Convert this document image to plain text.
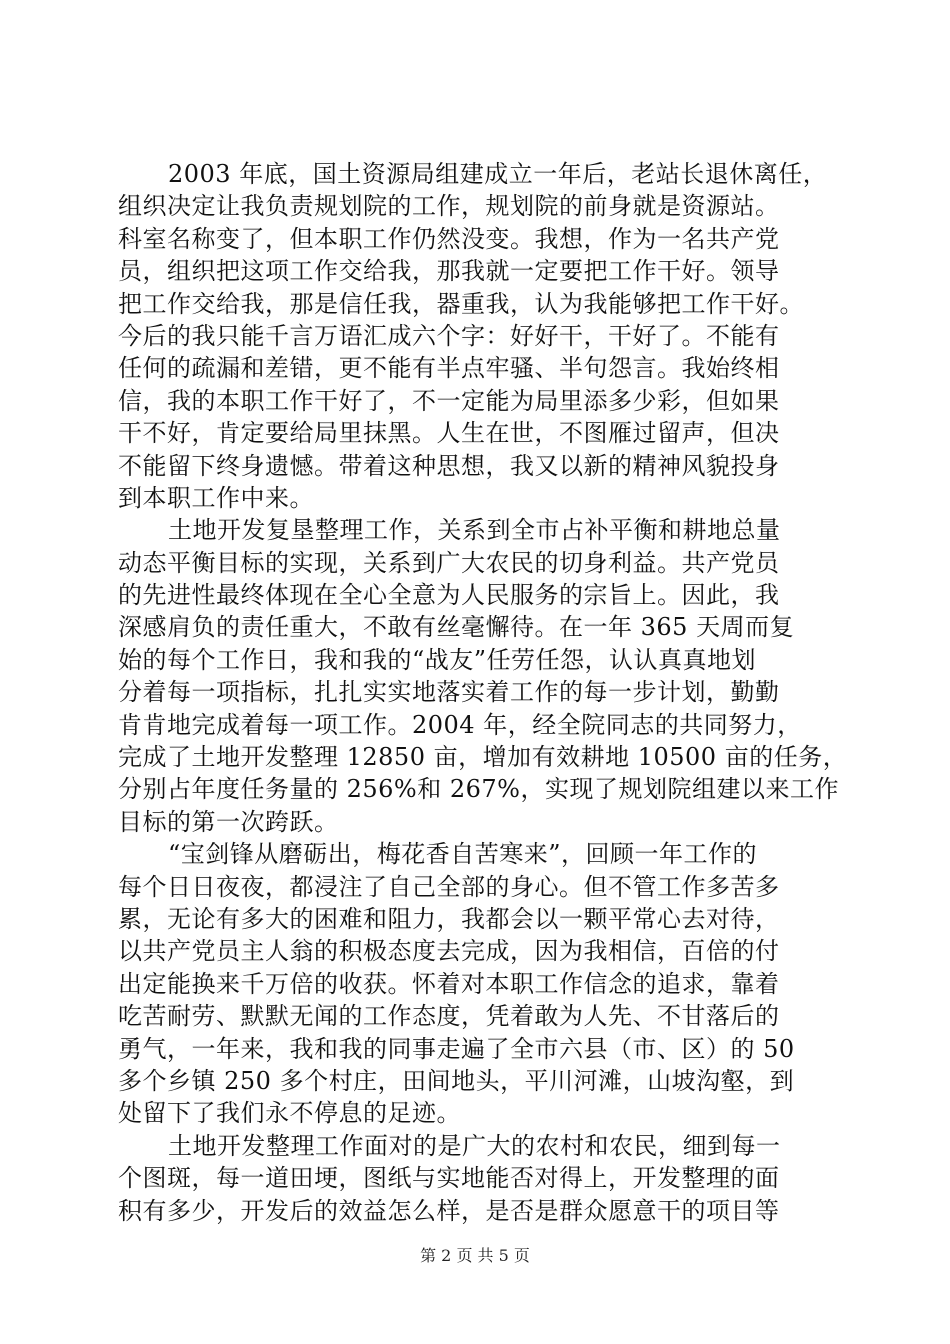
2003 年底，国土资源局组建成立一年后，老站长退休离任，
组织决定让我负责规划院的工作，规划院的前身就是资源站。
科室名称变了，但本职工作仍然没变。我想，作为一名共产党
员，组织把这项工作交给我，那我就一定要把工作干好。领导
把工作交给我，那是信任我，器重我，认为我能够把工作干好。
今后的我只能千言万语汇成六个字：好好干，干好了。不能有
任何的疏漏和差错，更不能有半点牢骚、半句怨言。我始终相
信，我的本职工作干好了，不一定能为局里添多少彩，但如果
干不好，肯定要给局里抹黑。人生在世，不图雁过留声，但决
不能留下终身遗憾。带着这种思想，我又以新的精神风貌投身
到本职工作中来。
土地开发复垦整理工作，关系到全市占补平衡和耕地总量
动态平衡目标的实现，关系到广大农民的切身利益。共产党员
的先进性最终体现在全心全意为人民服务的宗旨上。因此，我
深感肩负的责任重大，不敢有丝毫懈待。在一年 365 天周而复
始的每个工作日，我和我的“战友”任劳任怨，认认真真地划
分着每一项指标，扎扎实实地落实着工作的每一步计划，勤勤
肯肯地完成着每一项工作。2004 年，经全院同志的共同努力，
完成了土地开发整理 12850 亩，增加有效耕地 10500 亩的任务，
分别占年度任务量的 256%和 267%，实现了规划院组建以来工作
目标的第一次跨跃。
“宝剑锋从磨砺出，梅花香自苦寒来”，回顾一年工作的
每个日日夜夜，都浸注了自己全部的身心。但不管工作多苦多
累，无论有多大的困难和阻力，我都会以一颗平常心去对待，
以共产党员主人翁的积极态度去完成，因为我相信，百倍的付
出定能换来千万倍的收获。怀着对本职工作信念的追求，靠着
吃苦耐劳、默默无闻的工作态度，凭着敢为人先、不甘落后的
勇气，一年来，我和我的同事走遍了全市六县（市、区）的 50
多个乡镇 250 多个村庄，田间地头，平川河滩，山坡沟壑，到
处留下了我们永不停息的足迹。
土地开发整理工作面对的是广大的农村和农民，细到每一
个图斑，每一道田埂，图纸与实地能否对得上，开发整理的面
积有多少，开发后的效益怎么样，是否是群众愿意干的项目等
第 2 页 共 5 页
